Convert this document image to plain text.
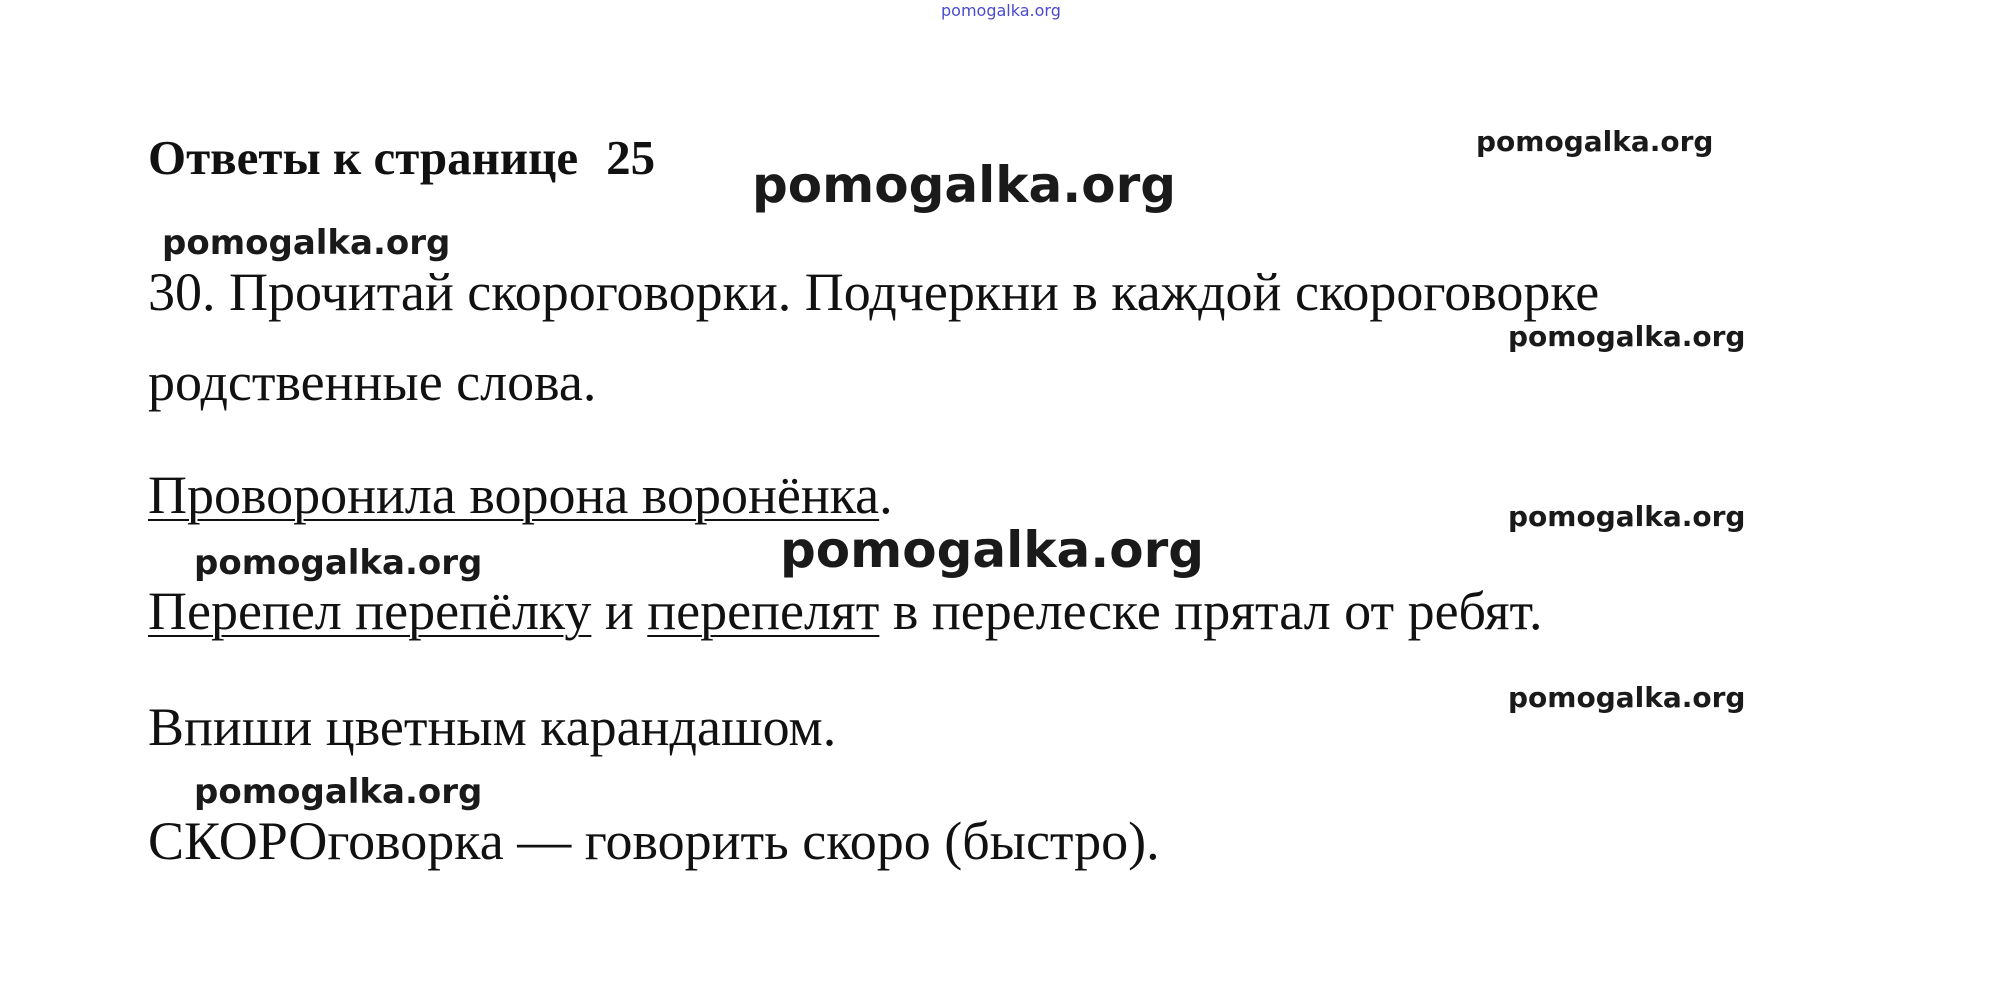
pomogalka.org
Ответы к странице 25 pomogalka.org
pomogalka.org
pomogalka.org
30. Прочитай скороговорки. Подчеркни в каждой скороговорке
pomogalka.org
родственные слова.
Проворонила ворона воронёнка.	pomogalka.org
pomogalka.org	pomogalka.org
Перепел перепёлку и перепелят в перелеске прятал от ребят.
pomogalka.org
Впиши цветным карандашом.
pomogalka.org
СКОРОговорка — говорить скоро (быстро).
